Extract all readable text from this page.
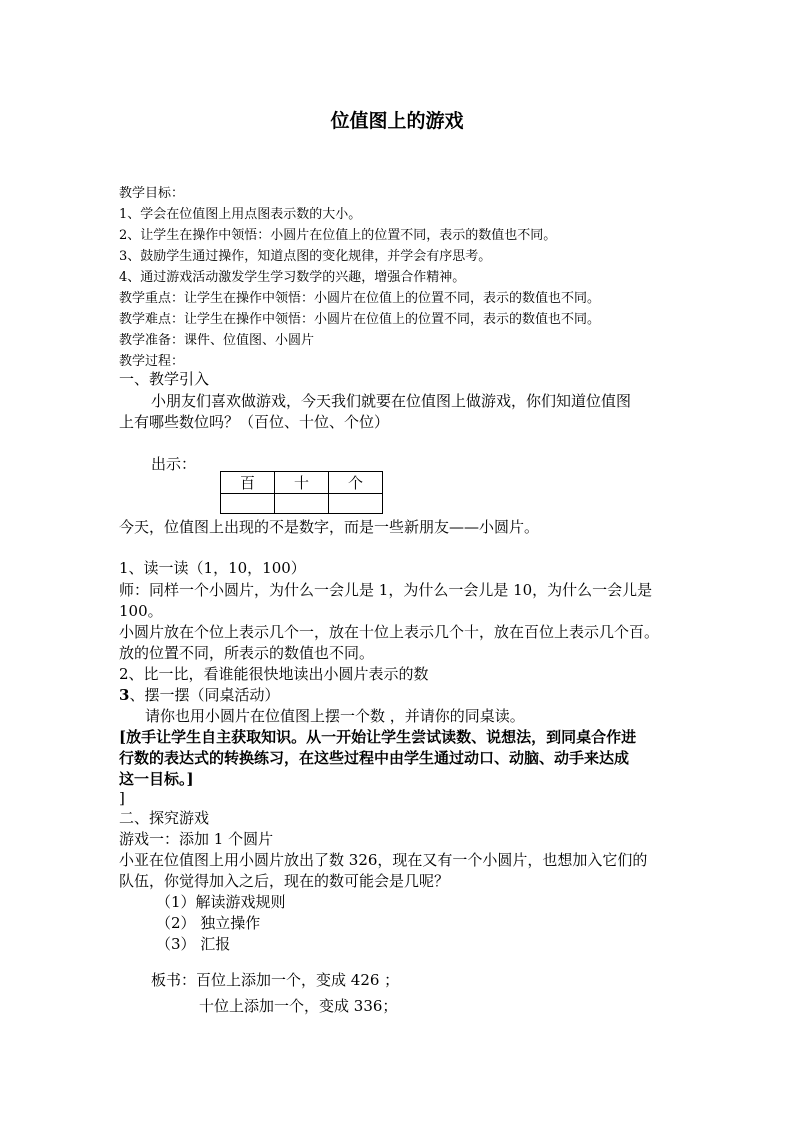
位值图上的游戏
教学目标：
1、学会在位值图上用点图表示数的大小。
2、让学生在操作中领悟：小圆片在位值上的位置不同，表示的数值也不同。
3、鼓励学生通过操作，知道点图的变化规律，并学会有序思考。
4、通过游戏活动激发学生学习数学的兴趣，增强合作精神。
教学重点：让学生在操作中领悟：小圆片在位值上的位置不同，表示的数值也不同。
教学难点：让学生在操作中领悟：小圆片在位值上的位置不同，表示的数值也不同。
教学准备：课件、位值图、小圆片
教学过程：
一、教学引入
小朋友们喜欢做游戏，今天我们就要在位值图上做游戏，你们知道位值图
上有哪些数位吗？（百位、十位、个位）
出示：
百	十	个

今天，位值图上出现的不是数字，而是一些新朋友——小圆片。
1、读一读（1，10，100）
师：同样一个小圆片，为什么一会儿是 1，为什么一会儿是 10，为什么一会儿是
100。
小圆片放在个位上表示几个一，放在十位上表示几个十，放在百位上表示几个百。
放的位置不同，所表示的数值也不同。
2、比一比，看谁能很快地读出小圆片表示的数
3、摆一摆（同桌活动）
请你也用小圆片在位值图上摆一个数 ，并请你的同桌读。
[放手让学生自主获取知识。从一开始让学生尝试读数、说想法，到同桌合作进
行数的表达式的转换练习，在这些过程中由学生通过动口、动脑、动手来达成
这一目标。]
]
二、探究游戏
游戏一：添加 1 个圆片
小亚在位值图上用小圆片放出了数 326，现在又有一个小圆片，也想加入它们的
队伍，你觉得加入之后，现在的数可能会是几呢？
（1）解读游戏规则
（2） 独立操作
（3） 汇报
板书：百位上添加一个，变成 426 ；
十位上添加一个，变成 336；
